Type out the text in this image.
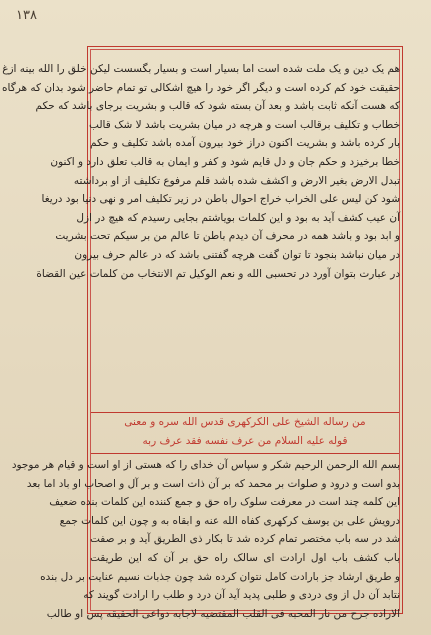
۱۳۸
هم یک دین و یک ملت شده است اما بسیار است و بسیار بگسست لیکن خلق را الله بینه ازغ
حقیقت خود کم کرده است و دیگر اگر خود را هیچ اشکالی تو تمام حاضر شود بدان که هرگاه
که هست آنکه ثابت باشد و بعد آن بسته شود که قالب و بشریت برجای باشد که حکم
خطاب و تکلیف برقالب است و هرچه در میان بشریت باشد لا شک قالب
بار کرده باشد و بشریت اکنون دراز خود بیرون آمده باشد تکلیف و حکم
خطا برخیزد و حکم جان و دل قایم شود و کفر و ایمان به قالب تعلق دارد و اکنون
تبدل الارض بغیر الارض و اکشف شده باشد قلم مرفوع تکلیف از او برداشته
شود کن لیس علی الخراب خراج احوال باطن در زیر تکلیف امر و نهی دنیا بود دریغا
آن عیب کشف آید به بود و این کلمات بویاشتم بجایی رسیدم که هیچ در ازل
و ابد بود و باشد همه در محرف آن دیدم باطن تا عالم من بر سیکم تحت بشریت
در میان نباشد بنجود تا توان گفت هرچه گفتنی باشد که در عالم حرف بیرون
در عبارت بتوان آورد در تحسبی الله و نعم الوکیل تم الانتخاب من کلمات عین القضاة
من رساله الشیخ علی الکرکهری قدس الله سره و معنی
قوله علیه السلام من عرف نفسه فقد عرف ربه
بسم الله الرحمن الرحیم شکر و سپاس آن خدای را که هستی از او است و قیام هر موجود
بدو است و درود و صلوات بر محمد که بر آن ذات است و بر آل و اصحاب او باد اما بعد
این کلمه چند است در معرفت سلوک راه حق و جمع کننده این کلمات بنده ضعیف
درویش علی بن یوسف کرکهری کفاه الله عنه و ابقاه به و چون این کلمات جمع
شد در سه باب مختصر تمام کرده شد تا بکار ذی الطریق آید و بر صفت
باب کشف باب اول ارادت ای سالک راه حق بر آن که این طریقت
و طریق ارشاد جز بارادت کامل نتوان کرده شد چون جذبات نسیم عنایت بر دل بنده
نتابد آن دل از وی دردی و طلبی پدید آید آن درد و طلب را ارادت گویند که
الاراده جرح من نار المحبه فی القلب المقتضیه لاجابه دواعی الحقیقه پس او طالب
